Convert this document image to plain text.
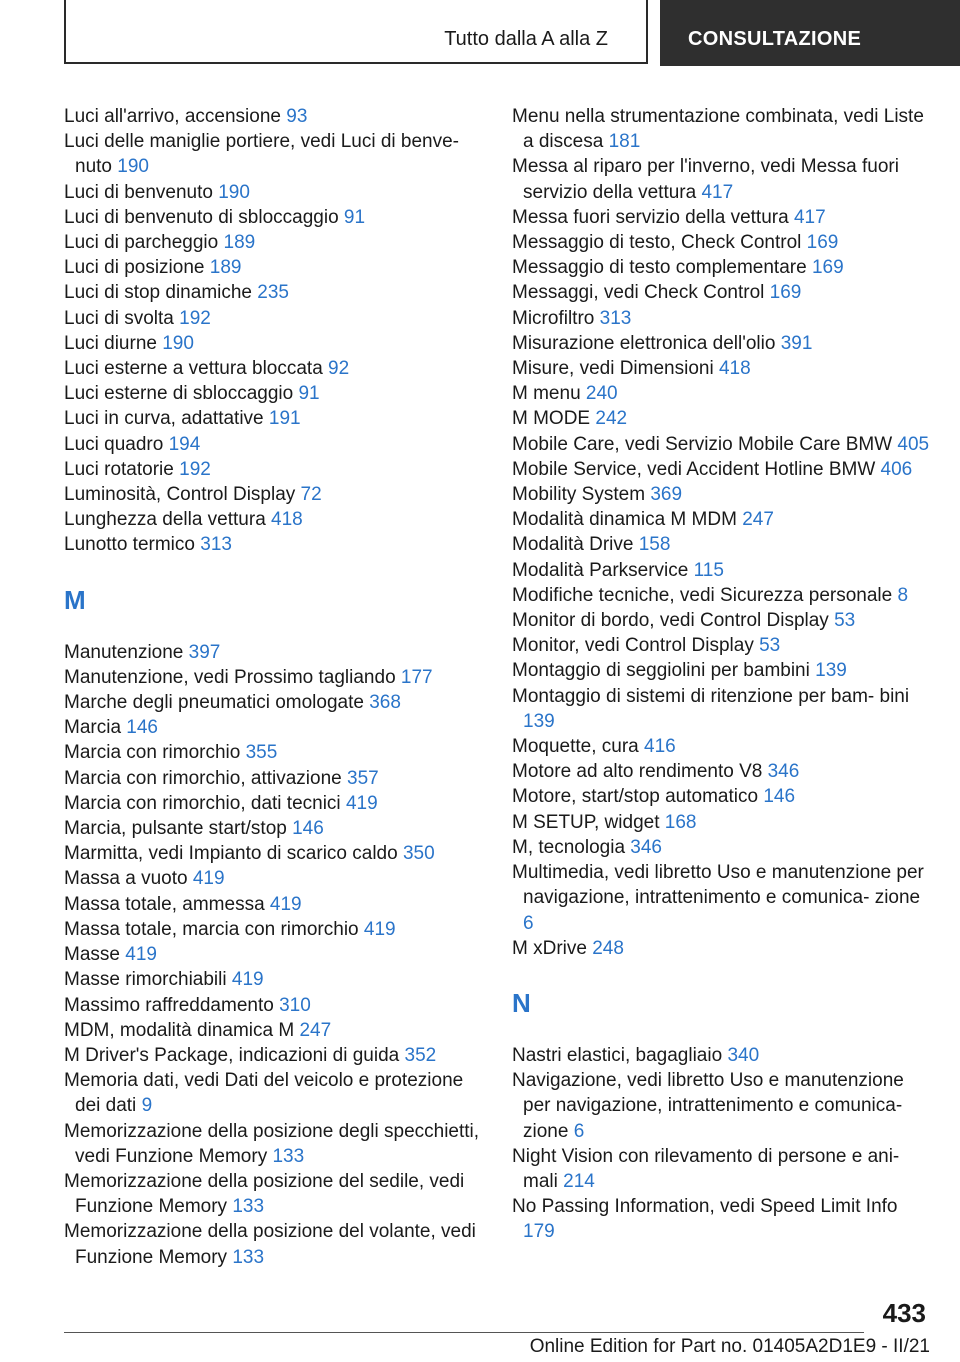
Tutto dalla A alla Z	CONSULTAZIONE
Luci all'arrivo, accensione 93
Luci delle maniglie portiere, vedi Luci di benve‐ nuto 190
Luci di benvenuto 190
Luci di benvenuto di sbloccaggio 91
Luci di parcheggio 189
Luci di posizione 189
Luci di stop dinamiche 235
Luci di svolta 192
Luci diurne 190
Luci esterne a vettura bloccata 92
Luci esterne di sbloccaggio 91
Luci in curva, adattative 191
Luci quadro 194
Luci rotatorie 192
Luminosità, Control Display 72
Lunghezza della vettura 418
Lunotto termico 313
M
Manutenzione 397
Manutenzione, vedi Prossimo tagliando 177
Marche degli pneumatici omologate 368
Marcia 146
Marcia con rimorchio 355
Marcia con rimorchio, attivazione 357
Marcia con rimorchio, dati tecnici 419
Marcia, pulsante start/stop 146
Marmitta, vedi Impianto di scarico caldo 350
Massa a vuoto 419
Massa totale, ammessa 419
Massa totale, marcia con rimorchio 419
Masse 419
Masse rimorchiabili 419
Massimo raffreddamento 310
MDM, modalità dinamica M 247
M Driver's Package, indicazioni di guida 352
Memoria dati, vedi Dati del veicolo e protezione dei dati 9
Memorizzazione della posizione degli specchietti, vedi Funzione Memory 133
Memorizzazione della posizione del sedile, vedi Funzione Memory 133
Memorizzazione della posizione del volante, vedi Funzione Memory 133
Menu nella strumentazione combinata, vedi Liste a discesa 181
Messa al riparo per l'inverno, vedi Messa fuori servizio della vettura 417
Messa fuori servizio della vettura 417
Messaggio di testo, Check Control 169
Messaggio di testo complementare 169
Messaggi, vedi Check Control 169
Microfiltro 313
Misurazione elettronica dell'olio 391
Misure, vedi Dimensioni 418
M menu 240
M MODE 242
Mobile Care, vedi Servizio Mobile Care BMW 405
Mobile Service, vedi Accident Hotline BMW 406
Mobility System 369
Modalità dinamica M MDM 247
Modalità Drive 158
Modalità Parkservice 115
Modifiche tecniche, vedi Sicurezza personale 8
Monitor di bordo, vedi Control Display 53
Monitor, vedi Control Display 53
Montaggio di seggiolini per bambini 139
Montaggio di sistemi di ritenzione per bam‐ bini 139
Moquette, cura 416
Motore ad alto rendimento V8 346
Motore, start/stop automatico 146
M SETUP, widget 168
M, tecnologia 346
Multimedia, vedi libretto Uso e manutenzione per navigazione, intrattenimento e comunica‐ zione 6
M xDrive 248
N
Nastri elastici, bagagliaio 340
Navigazione, vedi libretto Uso e manutenzione per navigazione, intrattenimento e comunica‐ zione 6
Night Vision con rilevamento di persone e ani‐ mali 214
No Passing Information, vedi Speed Limit Info 179
433
Online Edition for Part no. 01405A2D1E9 - II/21
